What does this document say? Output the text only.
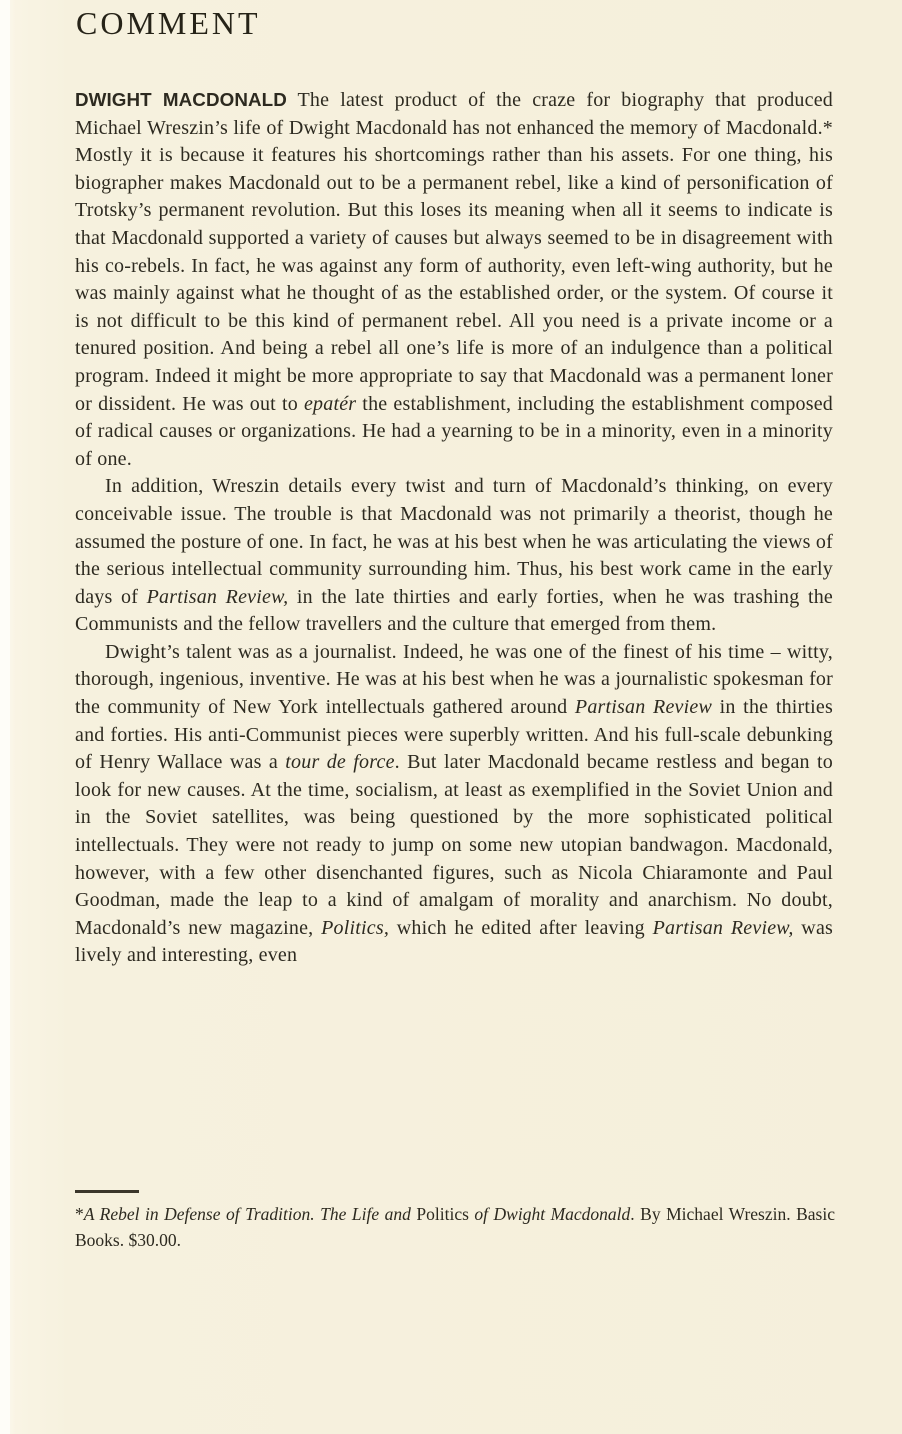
COMMENT

DWIGHT MACDONALD The latest product of the craze for biography that produced Michael Wreszin’s life of Dwight Macdonald has not enhanced the memory of Macdonald.* Mostly it is because it features his shortcomings rather than his assets. For one thing, his biographer makes Macdonald out to be a permanent rebel, like a kind of personification of Trotsky’s permanent revolution. But this loses its meaning when all it seems to indicate is that Macdonald supported a variety of causes but always seemed to be in disagreement with his co-rebels. In fact, he was against any form of authority, even left-wing authority, but he was mainly against what he thought of as the established order, or the system. Of course it is not difficult to be this kind of permanent rebel. All you need is a private income or a tenured position. And being a rebel all one’s life is more of an indulgence than a political program. Indeed it might be more appropriate to say that Macdonald was a permanent loner or dissident. He was out to epatér the establishment, including the establishment composed of radical causes or organizations. He had a yearning to be in a minority, even in a minority of one.

In addition, Wreszin details every twist and turn of Macdonald’s thinking, on every conceivable issue. The trouble is that Macdonald was not primarily a theorist, though he assumed the posture of one. In fact, he was at his best when he was articulating the views of the serious intellectual community surrounding him. Thus, his best work came in the early days of Partisan Review, in the late thirties and early forties, when he was trashing the Communists and the fellow travellers and the culture that emerged from them.

Dwight’s talent was as a journalist. Indeed, he was one of the finest of his time – witty, thorough, ingenious, inventive. He was at his best when he was a journalistic spokesman for the community of New York intellectuals gathered around Partisan Review in the thirties and forties. His anti-Communist pieces were superbly written. And his full-scale debunking of Henry Wallace was a tour de force. But later Macdonald became restless and began to look for new causes. At the time, socialism, at least as exemplified in the Soviet Union and in the Soviet satellites, was being questioned by the more sophisticated political intellectuals. They were not ready to jump on some new utopian bandwagon. Macdonald, however, with a few other disenchanted figures, such as Nicola Chiaramonte and Paul Goodman, made the leap to a kind of amalgam of morality and anarchism. No doubt, Macdonald’s new magazine, Politics, which he edited after leaving Partisan Review, was lively and interesting, even

*A Rebel in Defense of Tradition. The Life and Politics of Dwight Macdonald. By Michael Wreszin. Basic Books. $30.00.
